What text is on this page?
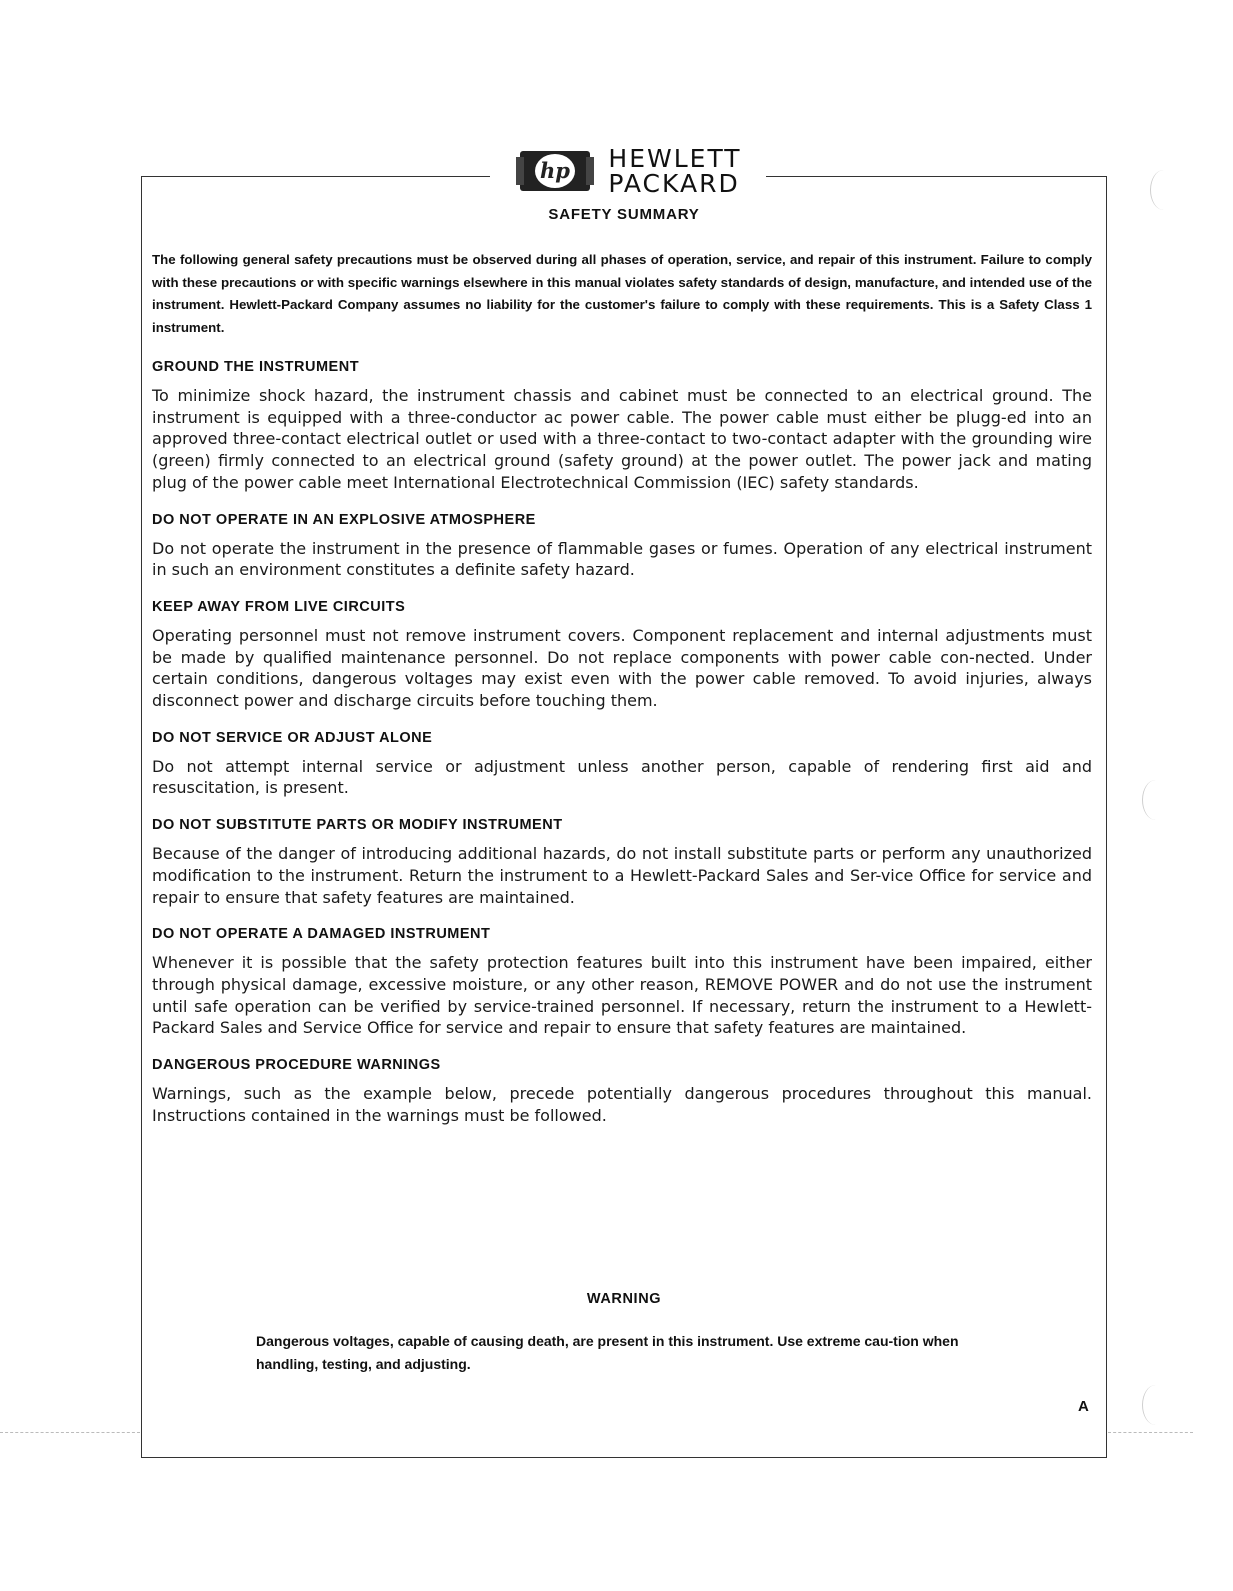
hp HEWLETT
PACKARD
SAFETY SUMMARY

The following general safety precautions must be observed during all phases of operation, service, and repair of this instrument. Failure to comply with these precautions or with specific warnings elsewhere in this manual violates safety standards of design, manufacture, and intended use of the instrument. Hewlett-Packard Company assumes no liability for the customer's failure to comply with these requirements. This is a Safety Class 1 instrument.

GROUND THE INSTRUMENT

To minimize shock hazard, the instrument chassis and cabinet must be connected to an electrical ground. The instrument is equipped with a three-conductor ac power cable. The power cable must either be plugg-ed into an approved three-contact electrical outlet or used with a three-contact to two-contact adapter with the grounding wire (green) firmly connected to an electrical ground (safety ground) at the power outlet. The power jack and mating plug of the power cable meet International Electrotechnical Commission (IEC) safety standards.

DO NOT OPERATE IN AN EXPLOSIVE ATMOSPHERE

Do not operate the instrument in the presence of flammable gases or fumes. Operation of any electrical instrument in such an environment constitutes a definite safety hazard.

KEEP AWAY FROM LIVE CIRCUITS

Operating personnel must not remove instrument covers. Component replacement and internal adjustments must be made by qualified maintenance personnel. Do not replace components with power cable con-nected. Under certain conditions, dangerous voltages may exist even with the power cable removed. To avoid injuries, always disconnect power and discharge circuits before touching them.

DO NOT SERVICE OR ADJUST ALONE

Do not attempt internal service or adjustment unless another person, capable of rendering first aid and resuscitation, is present.

DO NOT SUBSTITUTE PARTS OR MODIFY INSTRUMENT

Because of the danger of introducing additional hazards, do not install substitute parts or perform any unauthorized modification to the instrument. Return the instrument to a Hewlett-Packard Sales and Ser-vice Office for service and repair to ensure that safety features are maintained.

DO NOT OPERATE A DAMAGED INSTRUMENT

Whenever it is possible that the safety protection features built into this instrument have been impaired, either through physical damage, excessive moisture, or any other reason, REMOVE POWER and do not use the instrument until safe operation can be verified by service-trained personnel. If necessary, return the instrument to a Hewlett-Packard Sales and Service Office for service and repair to ensure that safety features are maintained.

DANGEROUS PROCEDURE WARNINGS

Warnings, such as the example below, precede potentially dangerous procedures throughout this manual. Instructions contained in the warnings must be followed.

WARNING

Dangerous voltages, capable of causing death, are present in this instrument. Use extreme cau-tion when handling, testing, and adjusting.

A
